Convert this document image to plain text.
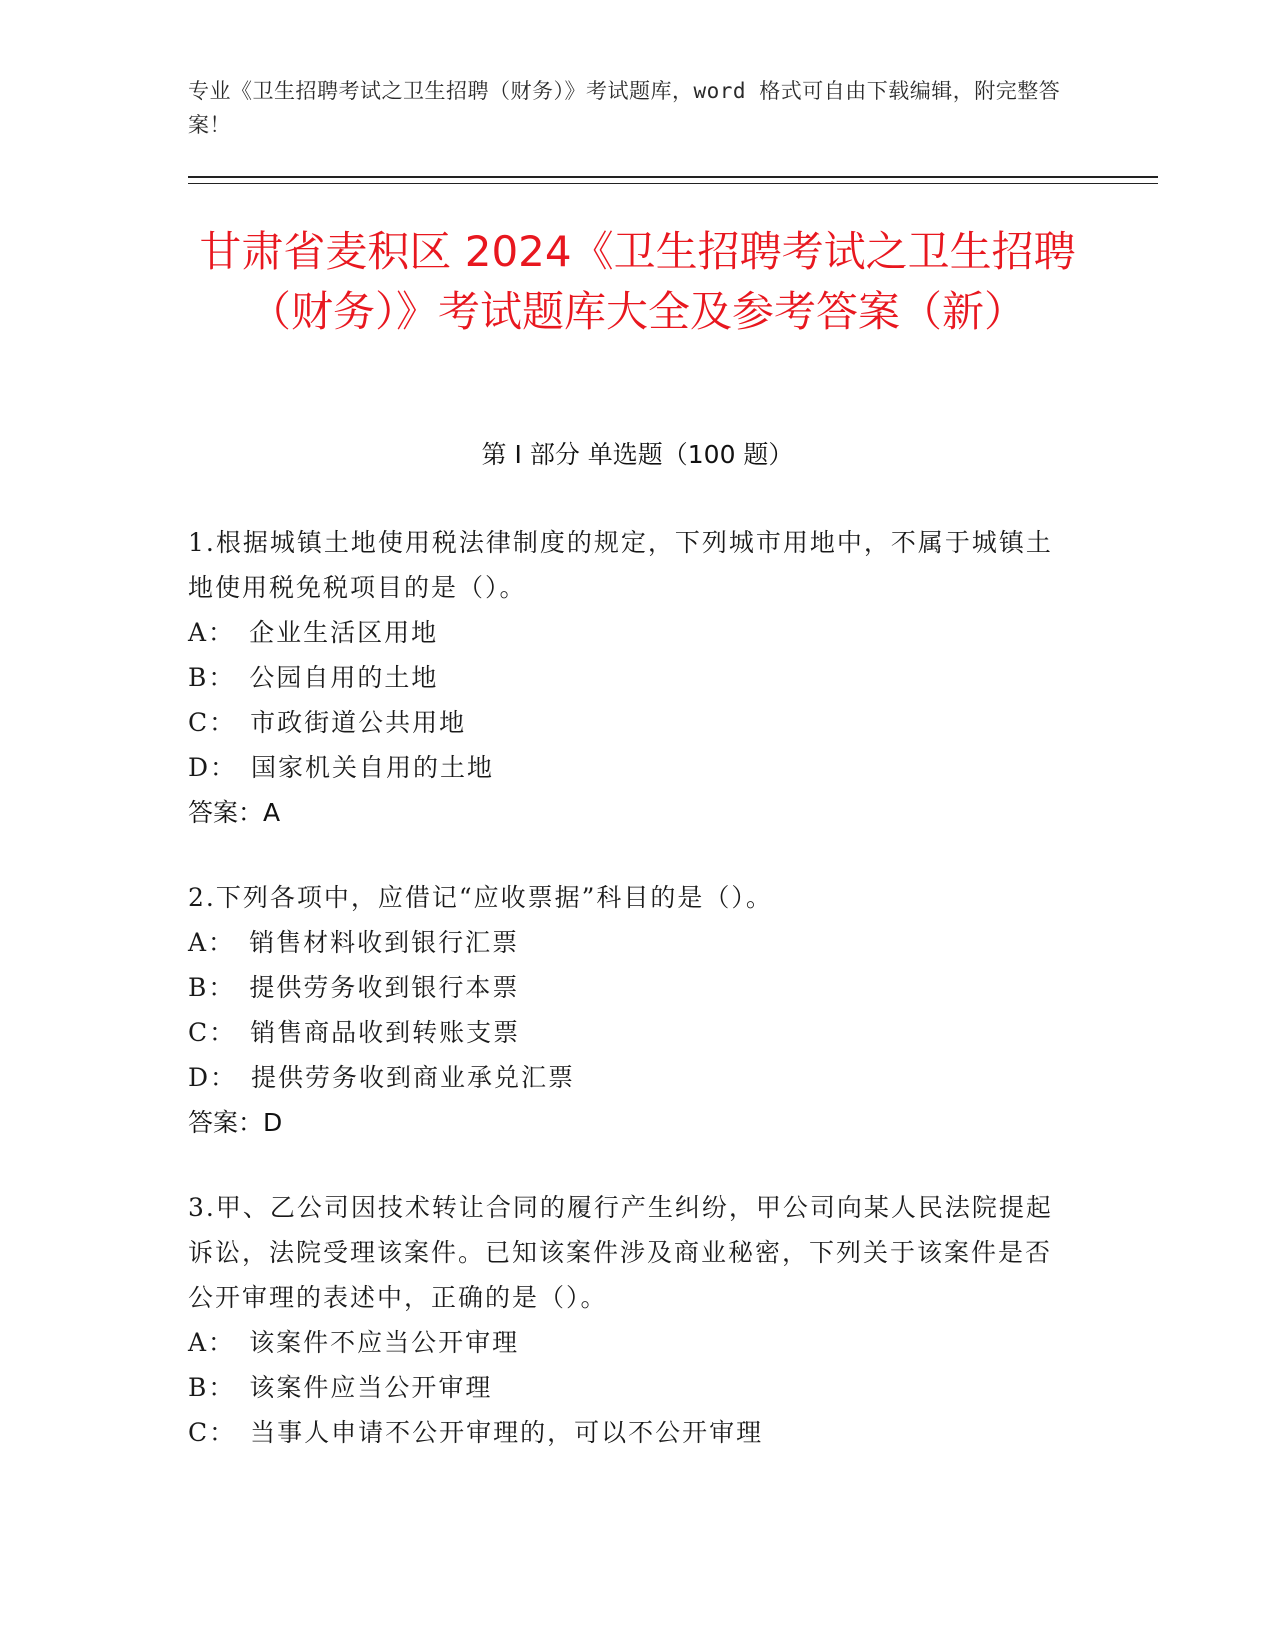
专业《卫生招聘考试之卫生招聘（财务）》考试题库，word 格式可自由下载编辑，附完整答案！
甘肃省麦积区 2024《卫生招聘考试之卫生招聘（财务）》考试题库大全及参考答案（新）
第 I 部分 单选题（100 题）
1.根据城镇土地使用税法律制度的规定，下列城市用地中，不属于城镇土地使用税免税项目的是（）。
A： 企业生活区用地
B： 公园自用的土地
C： 市政街道公共用地
D： 国家机关自用的土地
答案：A
2.下列各项中，应借记“应收票据”科目的是（）。
A： 销售材料收到银行汇票
B： 提供劳务收到银行本票
C： 销售商品收到转账支票
D： 提供劳务收到商业承兑汇票
答案：D
3.甲、乙公司因技术转让合同的履行产生纠纷，甲公司向某人民法院提起诉讼，法院受理该案件。已知该案件涉及商业秘密，下列关于该案件是否公开审理的表述中，正确的是（）。
A： 该案件不应当公开审理
B： 该案件应当公开审理
C： 当事人申请不公开审理的，可以不公开审理
